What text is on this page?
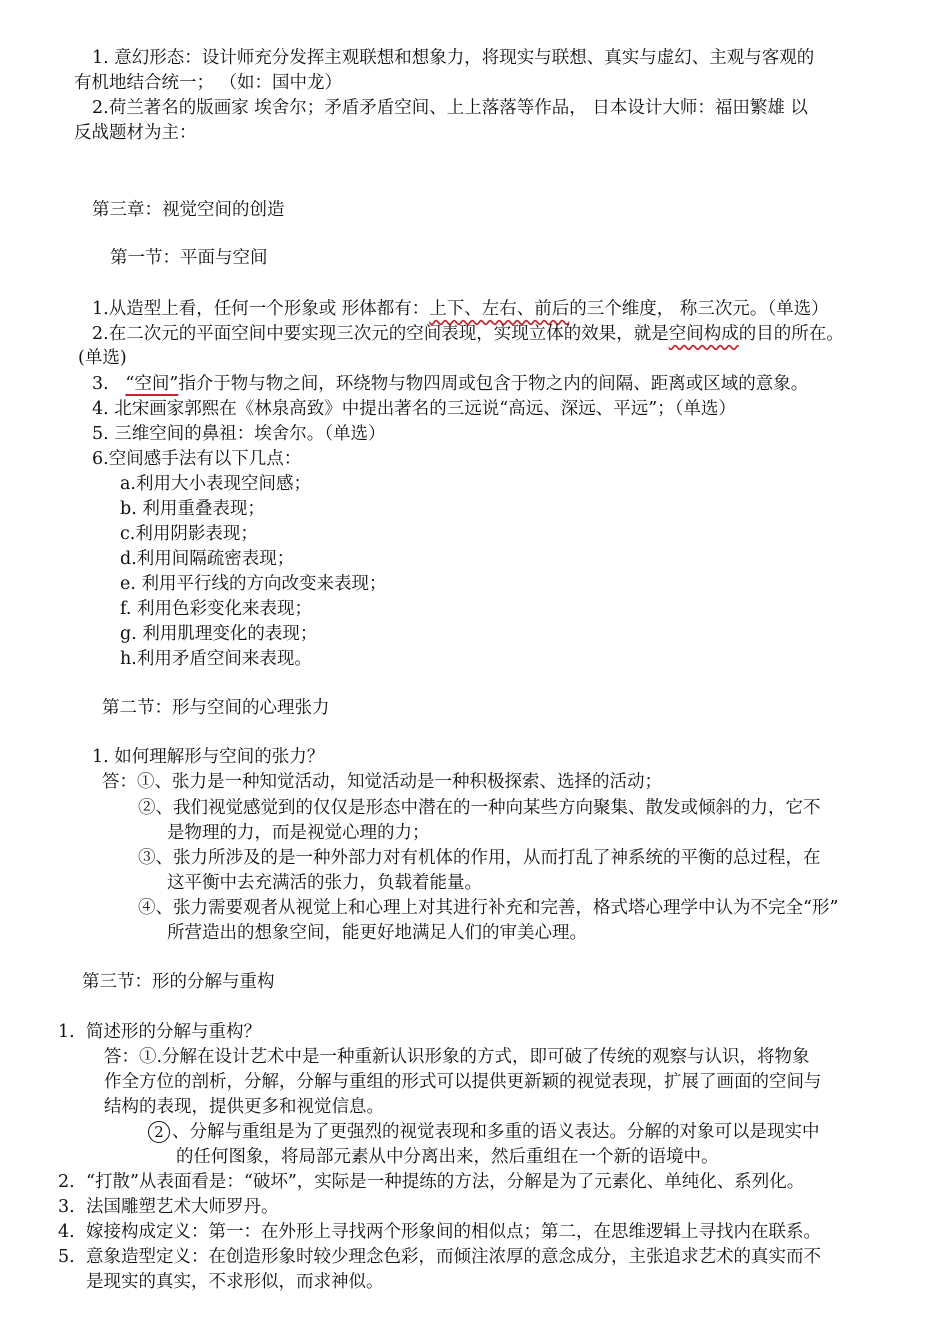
1. 意幻形态：设计师充分发挥主观联想和想象力，将现实与联想、真实与虚幻、主观与客观的
有机地结合统一； （如：国中龙）
2.荷兰著名的版画家 埃舍尔；矛盾矛盾空间、上上落落等作品， 日本设计大师：福田繁雄 以
反战题材为主：
第三章：视觉空间的创造
第一节：平面与空间
1.从造型上看，任何一个形象或 形体都有：上下、左右、前后的三个维度， 称三次元。（单选）
2.在二次元的平面空间中要实现三次元的空间表现，实现立体的效果，就是空间构成的目的所在。
(单选)
3. “空间”指介于物与物之间，环绕物与物四周或包含于物之内的间隔、距离或区域的意象。
4. 北宋画家郭熙在《林泉高致》中提出著名的三远说“高远、深远、平远”；（单选）
5. 三维空间的鼻祖：埃舍尔。（单选）
6.空间感手法有以下几点：
a.利用大小表现空间感；
b. 利用重叠表现；
c.利用阴影表现；
d.利用间隔疏密表现；
e. 利用平行线的方向改变来表现；
f. 利用色彩变化来表现；
g. 利用肌理变化的表现；
h.利用矛盾空间来表现。
第二节：形与空间的心理张力
1. 如何理解形与空间的张力？
答：①、张力是一种知觉活动，知觉活动是一种积极探索、选择的活动；
②、我们视觉感觉到的仅仅是形态中潜在的一种向某些方向聚集、散发或倾斜的力，它不
是物理的力，而是视觉心理的力；
③、张力所涉及的是一种外部力对有机体的作用，从而打乱了神系统的平衡的总过程，在
这平衡中去充满活的张力，负载着能量。
④、张力需要观者从视觉上和心理上对其进行补充和完善，格式塔心理学中认为不完全“形”
所营造出的想象空间，能更好地满足人们的审美心理。
第三节：形的分解与重构
1. 简述形的分解与重构？
答：①.分解在设计艺术中是一种重新认识形象的方式，即可破了传统的观察与认识，将物象
作全方位的剖析，分解，分解与重组的形式可以提供更新颖的视觉表现，扩展了画面的空间与
结构的表现，提供更多和视觉信息。
2 、分解与重组是为了更强烈的视觉表现和多重的语义表达。分解的对象可以是现实中
的任何图象，将局部元素从中分离出来，然后重组在一个新的语境中。
2. “打散”从表面看是：“破坏”，实际是一种提练的方法，分解是为了元素化、单纯化、系列化。
3. 法国雕塑艺术大师罗丹。
4. 嫁接构成定义：第一：在外形上寻找两个形象间的相似点；第二，在思维逻辑上寻找内在联系。
5. 意象造型定义：在创造形象时较少理念色彩，而倾注浓厚的意念成分，主张追求艺术的真实而不
是现实的真实，不求形似，而求神似。
